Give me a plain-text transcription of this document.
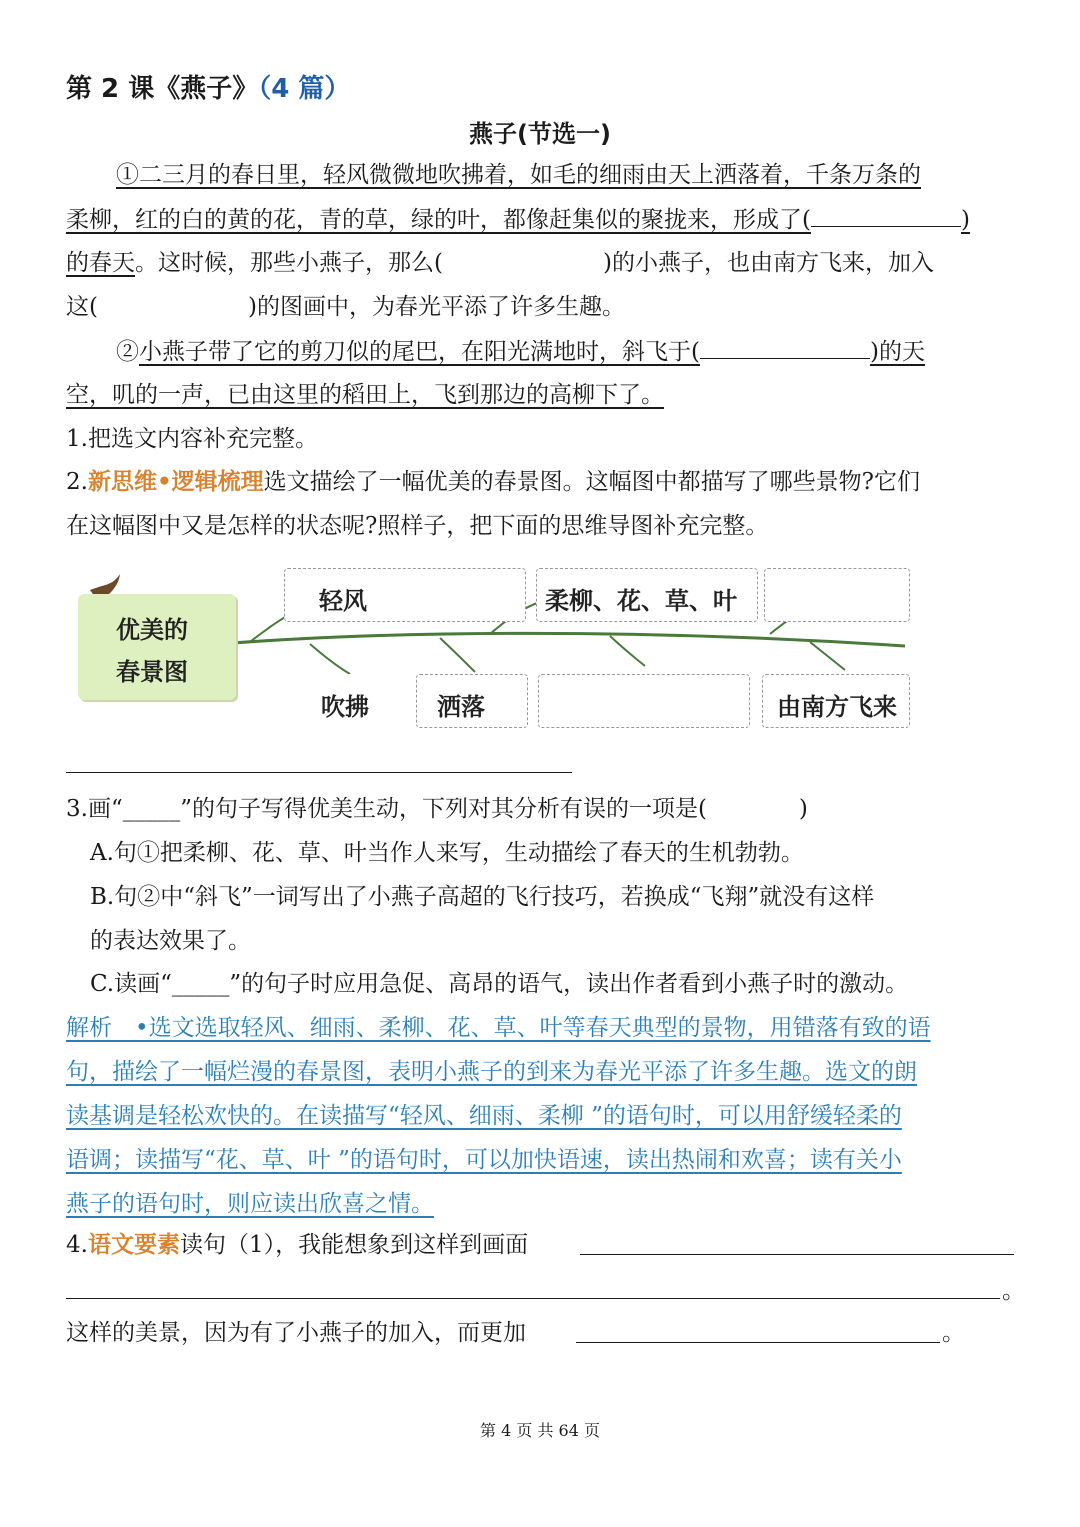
第 2 课《燕子》（4 篇）
燕子(节选一)
①二三月的春日里，轻风微微地吹拂着，如毛的细雨由天上洒落着，千条万条的
柔柳，红的白的黄的花，青的草，绿的叶，都像赶集似的聚拢来，形成了(	)
的春天。这时候，那些小燕子，那么(	)的小燕子，也由南方飞来，加入
这(	)的图画中，为春光平添了许多生趣。
②小燕子带了它的剪刀似的尾巴，在阳光满地时，斜飞于(	)的天
空，叽的一声，已由这里的稻田上，飞到那边的高柳下了。
1.把选文内容补充完整。
2.新思维•逻辑梳理选文描绘了一幅优美的春景图。这幅图中都描写了哪些景物?它们
在这幅图中又是怎样的状态呢?照样子，把下面的思维导图补充完整。
优美的
春景图
轻风	柔柳、花、草、叶
吹拂	洒落	由南方飞来
3.画“_____”的句子写得优美生动，下列对其分析有误的一项是(　　　　)
A.句①把柔柳、花、草、叶当作人来写，生动描绘了春天的生机勃勃。
B.句②中“斜飞”一词写出了小燕子高超的飞行技巧，若换成“飞翔”就没有这样
的表达效果了。
C.读画“_____”的句子时应用急促、高昂的语气，读出作者看到小燕子时的激动。
解析　•选文选取轻风、细雨、柔柳、花、草、叶等春天典型的景物，用错落有致的语
句，描绘了一幅烂漫的春景图，表明小燕子的到来为春光平添了许多生趣。选文的朗
读基调是轻松欢快的。在读描写“轻风、细雨、柔柳 ”的语句时，可以用舒缓轻柔的
语调；读描写“花、草、叶 ”的语句时，可以加快语速，读出热闹和欢喜；读有关小
燕子的语句时，则应读出欣喜之情。
4.语文要素读句（1），我能想象到这样到画面
。
这样的美景，因为有了小燕子的加入，而更加	。
第 4 页 共 64 页
